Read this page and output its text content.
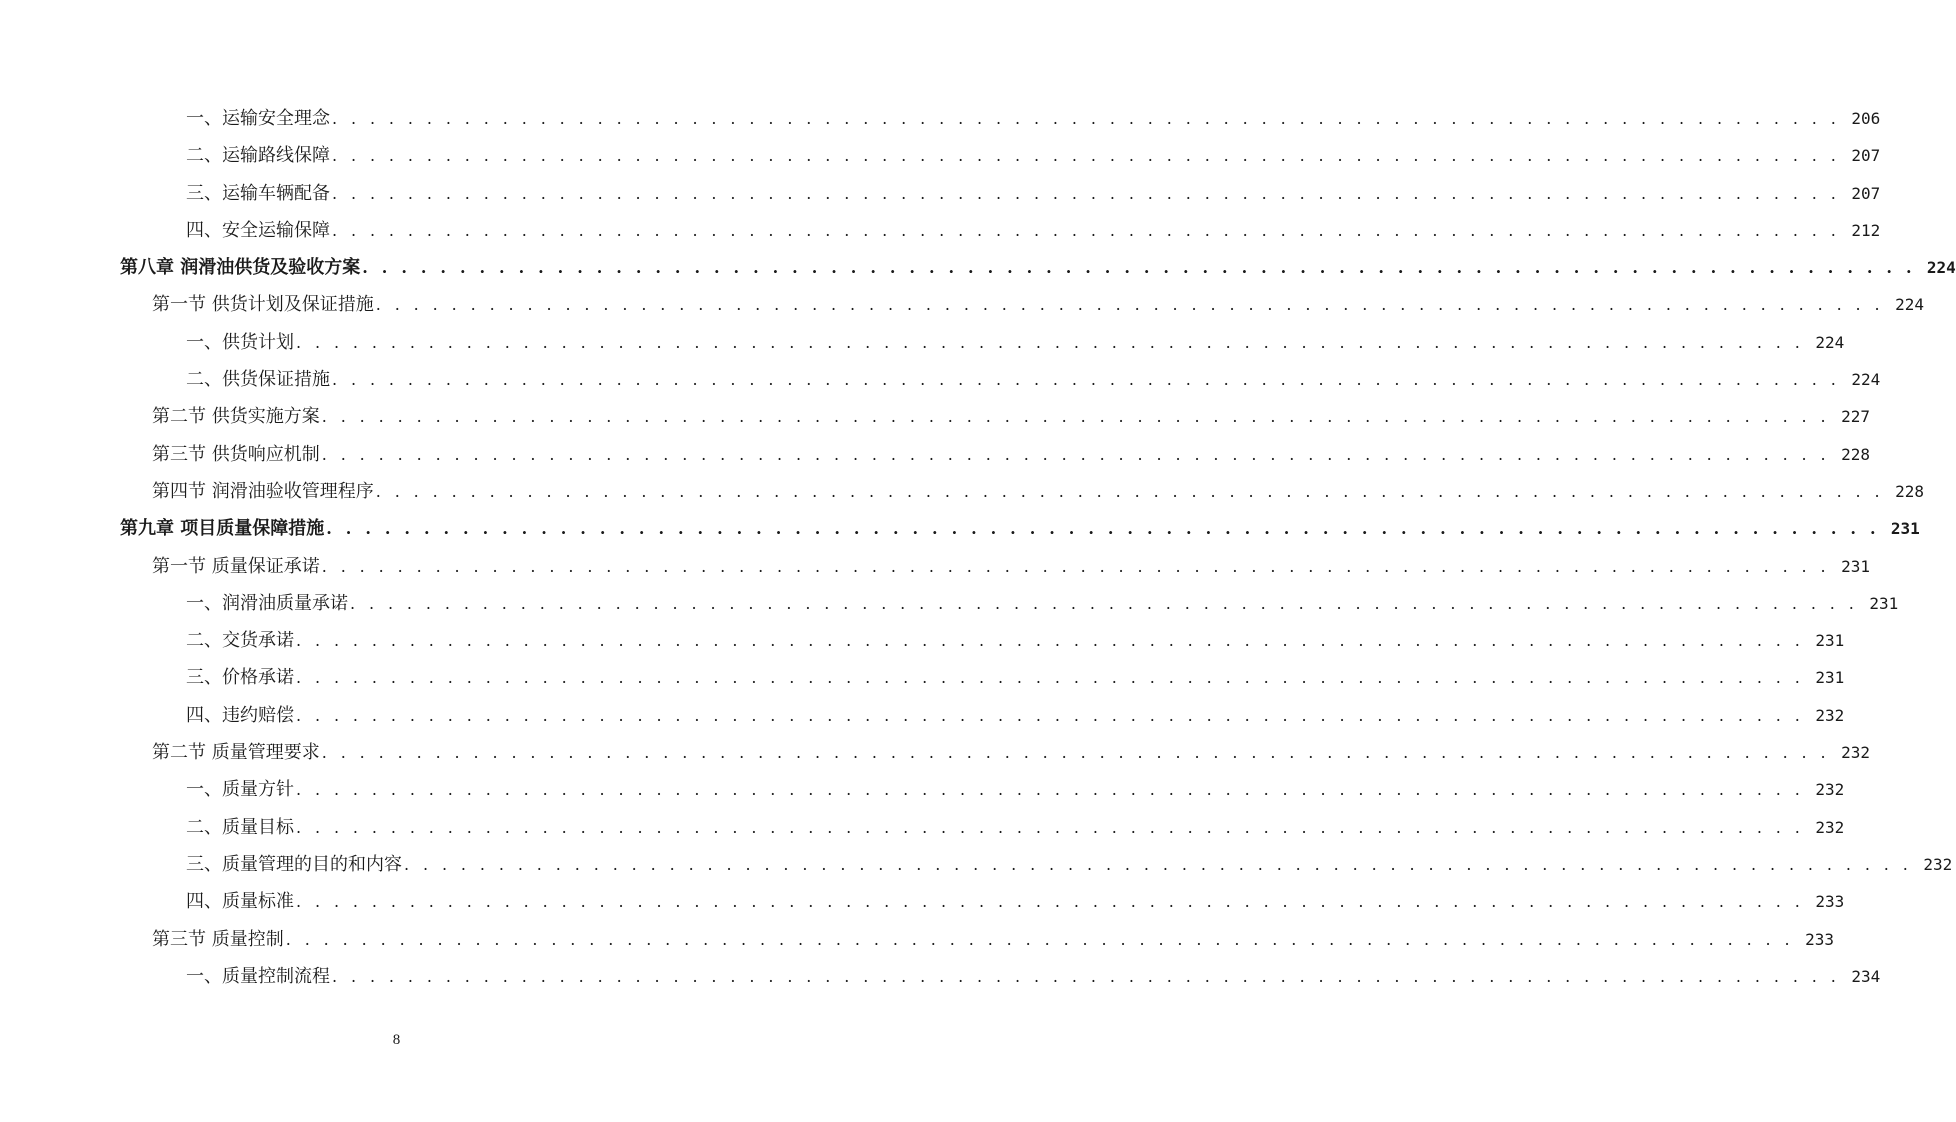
一、运输安全理念 . . . . . . . . . . . . . . . . . . . . . . . . . . . . . . . . . . . . . . . . . . . . . . . . . . . . . . . . . . . . . . . . . . . . . . . . . . . . . . . . 206
二、运输路线保障 . . . . . . . . . . . . . . . . . . . . . . . . . . . . . . . . . . . . . . . . . . . . . . . . . . . . . . . . . . . . . . . . . . . . . . . . . . . . . . . . 207
三、运输车辆配备 . . . . . . . . . . . . . . . . . . . . . . . . . . . . . . . . . . . . . . . . . . . . . . . . . . . . . . . . . . . . . . . . . . . . . . . . . . . . . . . . 207
四、安全运输保障 . . . . . . . . . . . . . . . . . . . . . . . . . . . . . . . . . . . . . . . . . . . . . . . . . . . . . . . . . . . . . . . . . . . . . . . . . . . . . . . . 212
第八章 润滑油供货及验收方案 . . . . . . . . . . . . . . . . . . . . . . . . . . . . . . . . . . . . . . . . . . . . . . . . . . . . . . . . . . . . . . . . . . . . . . . . . . . . . . . . 224
第一节 供货计划及保证措施 . . . . . . . . . . . . . . . . . . . . . . . . . . . . . . . . . . . . . . . . . . . . . . . . . . . . . . . . . . . . . . . . . . . . . . . . . . . . . . . . 224
一、供货计划 . . . . . . . . . . . . . . . . . . . . . . . . . . . . . . . . . . . . . . . . . . . . . . . . . . . . . . . . . . . . . . . . . . . . . . . . . . . . . . . . 224
二、供货保证措施 . . . . . . . . . . . . . . . . . . . . . . . . . . . . . . . . . . . . . . . . . . . . . . . . . . . . . . . . . . . . . . . . . . . . . . . . . . . . . . . . 224
第二节 供货实施方案 . . . . . . . . . . . . . . . . . . . . . . . . . . . . . . . . . . . . . . . . . . . . . . . . . . . . . . . . . . . . . . . . . . . . . . . . . . . . . . . . 227
第三节 供货响应机制 . . . . . . . . . . . . . . . . . . . . . . . . . . . . . . . . . . . . . . . . . . . . . . . . . . . . . . . . . . . . . . . . . . . . . . . . . . . . . . . . 228
第四节 润滑油验收管理程序 . . . . . . . . . . . . . . . . . . . . . . . . . . . . . . . . . . . . . . . . . . . . . . . . . . . . . . . . . . . . . . . . . . . . . . . . . . . . . . . . 228
第九章 项目质量保障措施 . . . . . . . . . . . . . . . . . . . . . . . . . . . . . . . . . . . . . . . . . . . . . . . . . . . . . . . . . . . . . . . . . . . . . . . . . . . . . . . . 231
第一节 质量保证承诺 . . . . . . . . . . . . . . . . . . . . . . . . . . . . . . . . . . . . . . . . . . . . . . . . . . . . . . . . . . . . . . . . . . . . . . . . . . . . . . . . 231
一、润滑油质量承诺 . . . . . . . . . . . . . . . . . . . . . . . . . . . . . . . . . . . . . . . . . . . . . . . . . . . . . . . . . . . . . . . . . . . . . . . . . . . . . . . . 231
二、交货承诺 . . . . . . . . . . . . . . . . . . . . . . . . . . . . . . . . . . . . . . . . . . . . . . . . . . . . . . . . . . . . . . . . . . . . . . . . . . . . . . . . 231
三、价格承诺 . . . . . . . . . . . . . . . . . . . . . . . . . . . . . . . . . . . . . . . . . . . . . . . . . . . . . . . . . . . . . . . . . . . . . . . . . . . . . . . . 231
四、违约赔偿 . . . . . . . . . . . . . . . . . . . . . . . . . . . . . . . . . . . . . . . . . . . . . . . . . . . . . . . . . . . . . . . . . . . . . . . . . . . . . . . . 232
第二节 质量管理要求 . . . . . . . . . . . . . . . . . . . . . . . . . . . . . . . . . . . . . . . . . . . . . . . . . . . . . . . . . . . . . . . . . . . . . . . . . . . . . . . . 232
一、质量方针 . . . . . . . . . . . . . . . . . . . . . . . . . . . . . . . . . . . . . . . . . . . . . . . . . . . . . . . . . . . . . . . . . . . . . . . . . . . . . . . . 232
二、质量目标 . . . . . . . . . . . . . . . . . . . . . . . . . . . . . . . . . . . . . . . . . . . . . . . . . . . . . . . . . . . . . . . . . . . . . . . . . . . . . . . . 232
三、质量管理的目的和内容 . . . . . . . . . . . . . . . . . . . . . . . . . . . . . . . . . . . . . . . . . . . . . . . . . . . . . . . . . . . . . . . . . . . . . . . . . . . . . . . . 232
四、质量标准 . . . . . . . . . . . . . . . . . . . . . . . . . . . . . . . . . . . . . . . . . . . . . . . . . . . . . . . . . . . . . . . . . . . . . . . . . . . . . . . . 233
第三节 质量控制 . . . . . . . . . . . . . . . . . . . . . . . . . . . . . . . . . . . . . . . . . . . . . . . . . . . . . . . . . . . . . . . . . . . . . . . . . . . . . . . . 233
一、质量控制流程 . . . . . . . . . . . . . . . . . . . . . . . . . . . . . . . . . . . . . . . . . . . . . . . . . . . . . . . . . . . . . . . . . . . . . . . . . . . . . . . . 234
8
